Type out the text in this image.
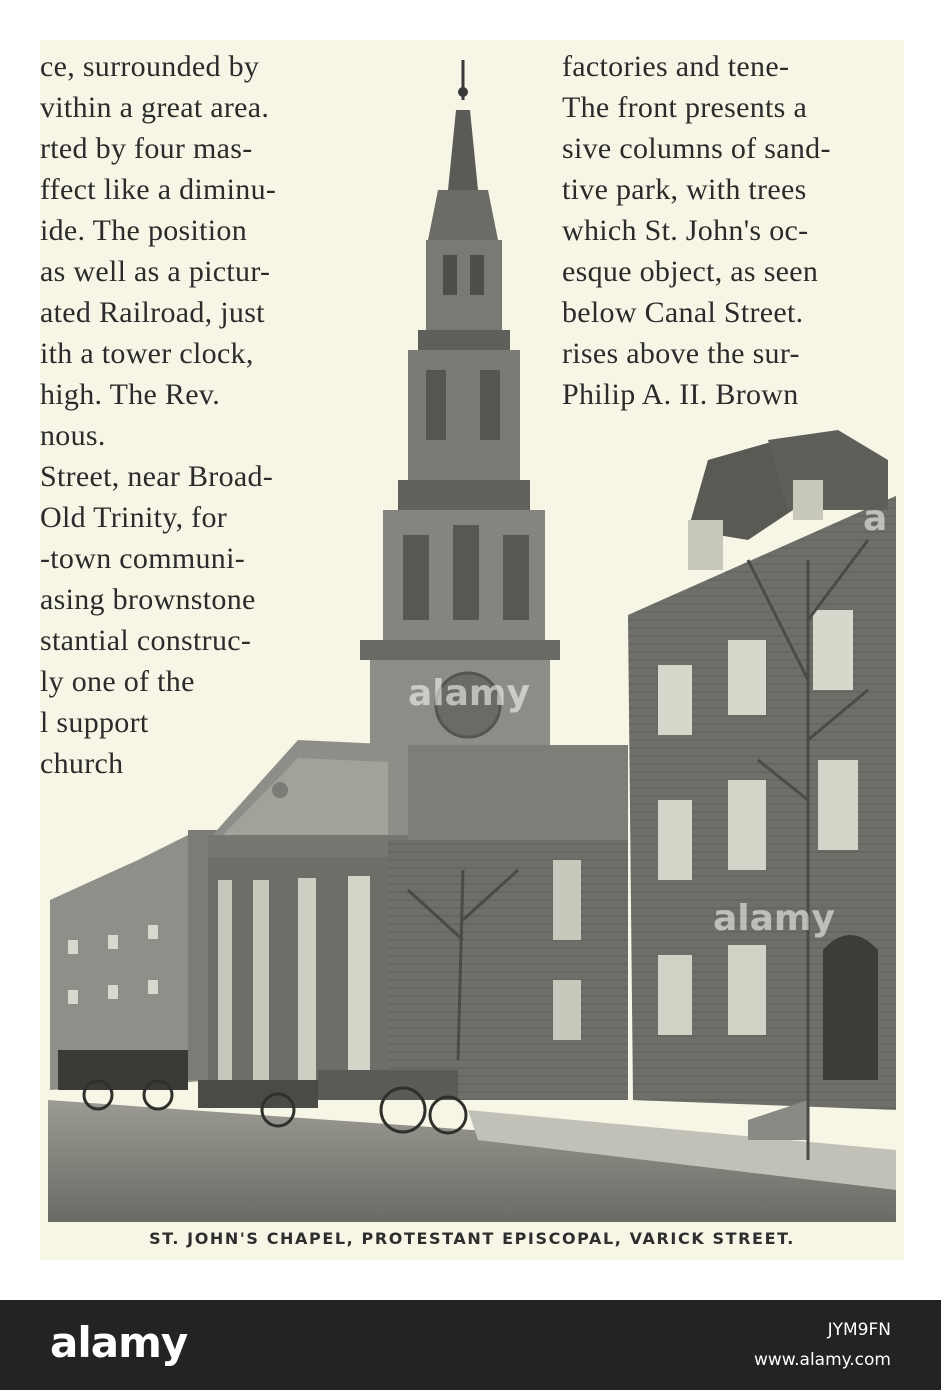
ce, surrounded by
vithin a great area.
rted by four mas-
ffect like a diminu-
ide. The position
as well as a pictur-
ated Railroad, just
ith a tower clock,
high. The Rev.
nous.
Street, near Broad-
Old Trinity, for
-town communi-
asing brownstone
stantial construc-
ly one of the
l support
church
factories and tene-
The front presents a
sive columns of sand-
tive park, with trees
which St. John's oc-
esque object, as seen
below Canal Street.
rises above the sur-
Philip A. II. Brown
alamy
alamy
a
ST. JOHN'S CHAPEL, PROTESTANT EPISCOPAL, VARICK STREET.
alamy	JYM9FN
www.alamy.com
